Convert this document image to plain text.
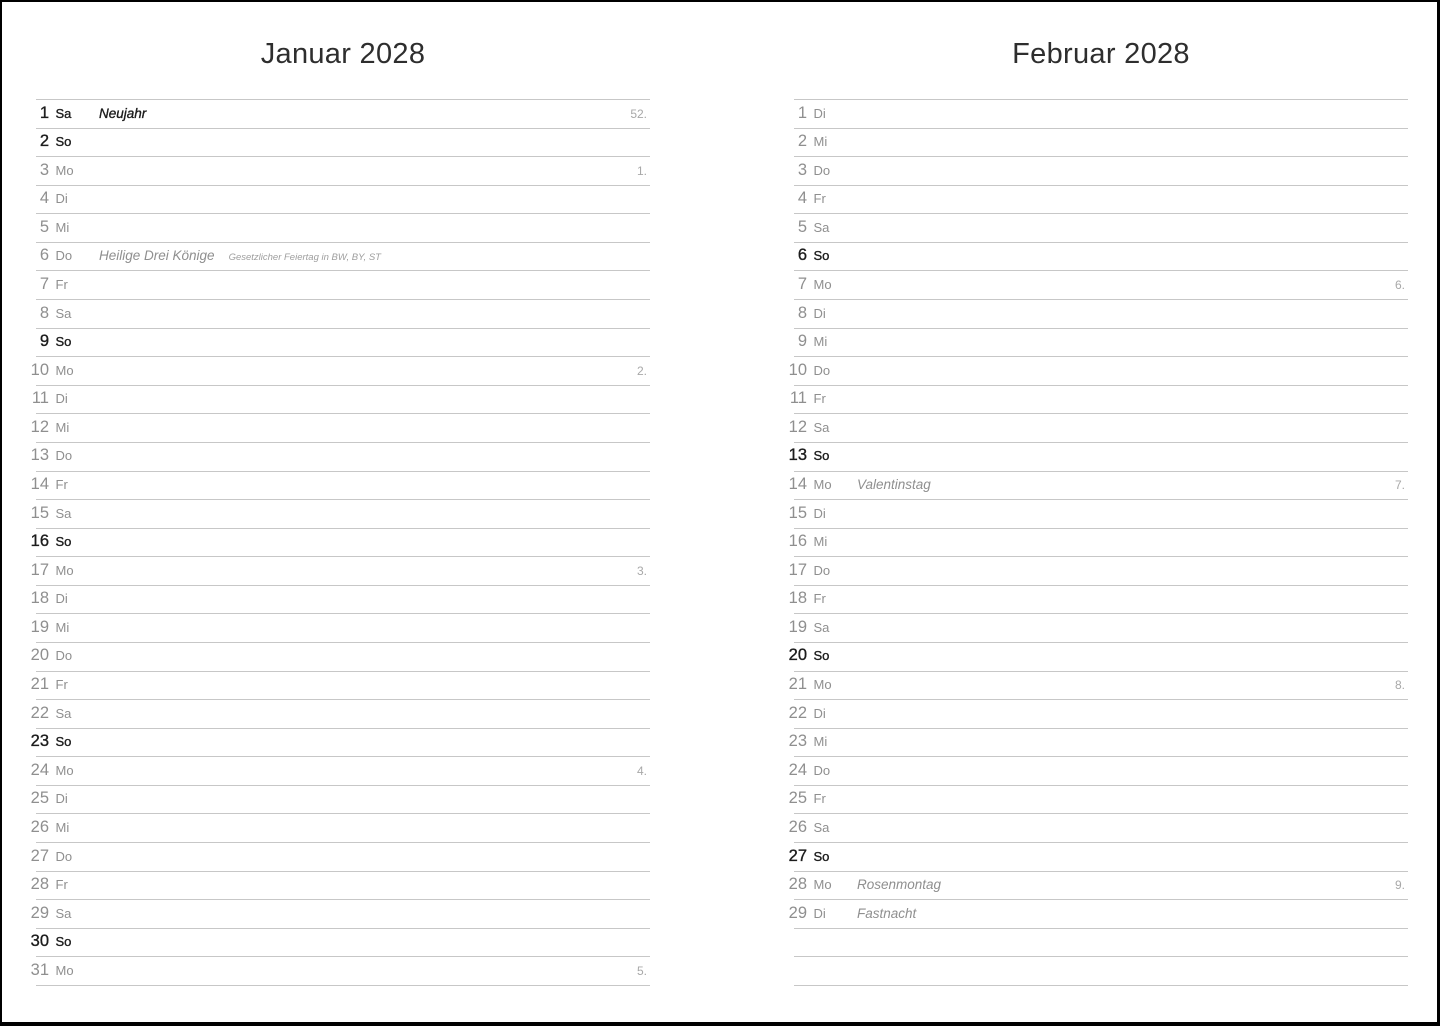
Januar 2028
1 Sa	Neujahr	52.
2 So
3 Mo	1.
4 Di
5 Mi
6 Do	Heilige Drei Könige Gesetzlicher Feiertag in BW, BY, ST
7 Fr
8 Sa
9 So
10 Mo	2.
11 Di
12 Mi
13 Do
14 Fr
15 Sa
16 So
17 Mo	3.
18 Di
19 Mi
20 Do
21 Fr
22 Sa
23 So
24 Mo	4.
25 Di
26 Mi
27 Do
28 Fr
29 Sa
30 So
31 Mo	5.
Februar 2028
1 Di
2 Mi
3 Do
4 Fr
5 Sa
6 So
7 Mo	6.
8 Di
9 Mi
10 Do
11 Fr
12 Sa
13 So
14 Mo	Valentinstag	7.
15 Di
16 Mi
17 Do
18 Fr
19 Sa
20 So
21 Mo	8.
22 Di
23 Mi
24 Do
25 Fr
26 Sa
27 So
28 Mo	Rosenmontag	9.
29 Di	Fastnacht
